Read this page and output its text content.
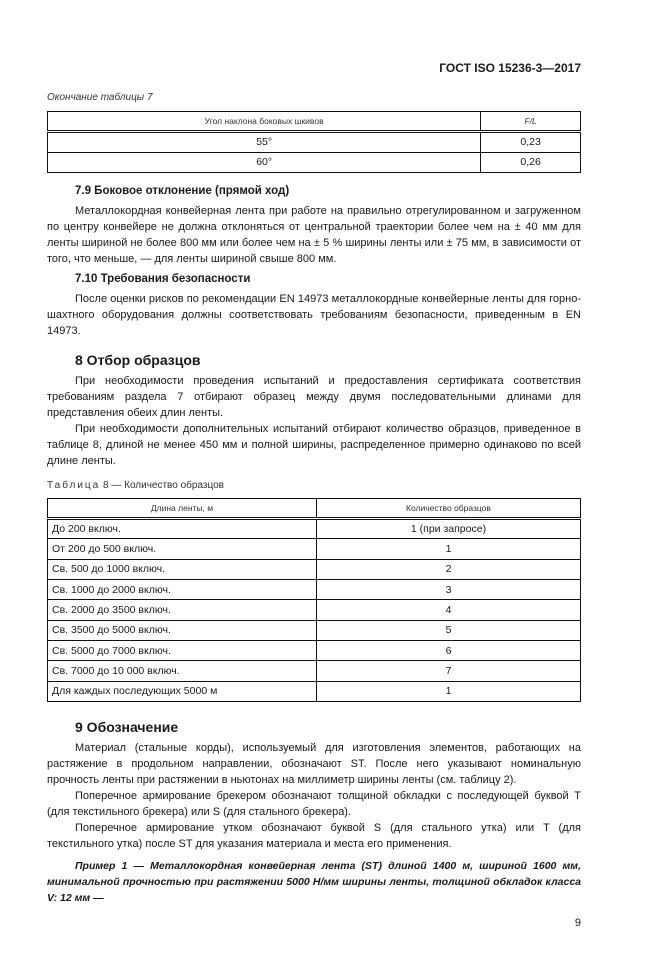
ГОСТ ISO 15236-3—2017
Окончание таблицы 7
Угол наклона боковых шкивов	F/L
55°	0,23
60°	0,26
7.9 Боковое отклонение (прямой ход)

Металлокордная конвейерная лента при работе на правильно отрегулированном и загруженном по центру конвейере не должна отклоняться от центральной траектории более чем на ± 40 мм для ленты шириной не более 800 мм или более чем на ± 5 % ширины ленты или ± 75 мм, в зависимости от того, что меньше, — для ленты шириной свыше 800 мм.

7.10 Требования безопасности

После оценки рисков по рекомендации EN 14973 металлокордные конвейерные ленты для горно-шахтного оборудования должны соответствовать требованиям безопасности, приведенным в EN 14973.

8 Отбор образцов

При необходимости проведения испытаний и предоставления сертификата соответствия требованиям раздела 7 отбирают образец между двумя последовательными длинами для представления обеих длин ленты.

При необходимости дополнительных испытаний отбирают количество образцов, приведенное в таблице 8, длиной не менее 450 мм и полной ширины, распределенное примерно одинаково по всей длине ленты.

Таблица 8 — Количество образцов
Длина ленты, м	Количество образцов
До 200 включ.	1 (при запросе)
От 200 до 500 включ.	1
Св. 500 до 1000 включ.	2
Св. 1000 до 2000 включ.	3
Св. 2000 до 3500 включ.	4
Св. 3500 до 5000 включ.	5
Св. 5000 до 7000 включ.	6
Св. 7000 до 10 000 включ.	7
Для каждых последующих 5000 м	1
9 Обозначение

Материал (стальные корды), используемый для изготовления элементов, работающих на растяжение в продольном направлении, обозначают ST. После него указывают номинальную прочность ленты при растяжении в ньютонах на миллиметр ширины ленты (см. таблицу 2).

Поперечное армирование брекером обозначают толщиной обкладки с последующей буквой T (для текстильного брекера) или S (для стального брекера).

Поперечное армирование утком обозначают буквой S (для стального утка) или T (для текстильного утка) после ST для указания материала и места его применения.

Пример 1 — Металлокордная конвейерная лента (ST) длиной 1400 м, шириной 1600 мм, минимальной прочностью при растяжении 5000 Н/мм ширины ленты, толщиной обкладок класса V: 12 мм —

9
